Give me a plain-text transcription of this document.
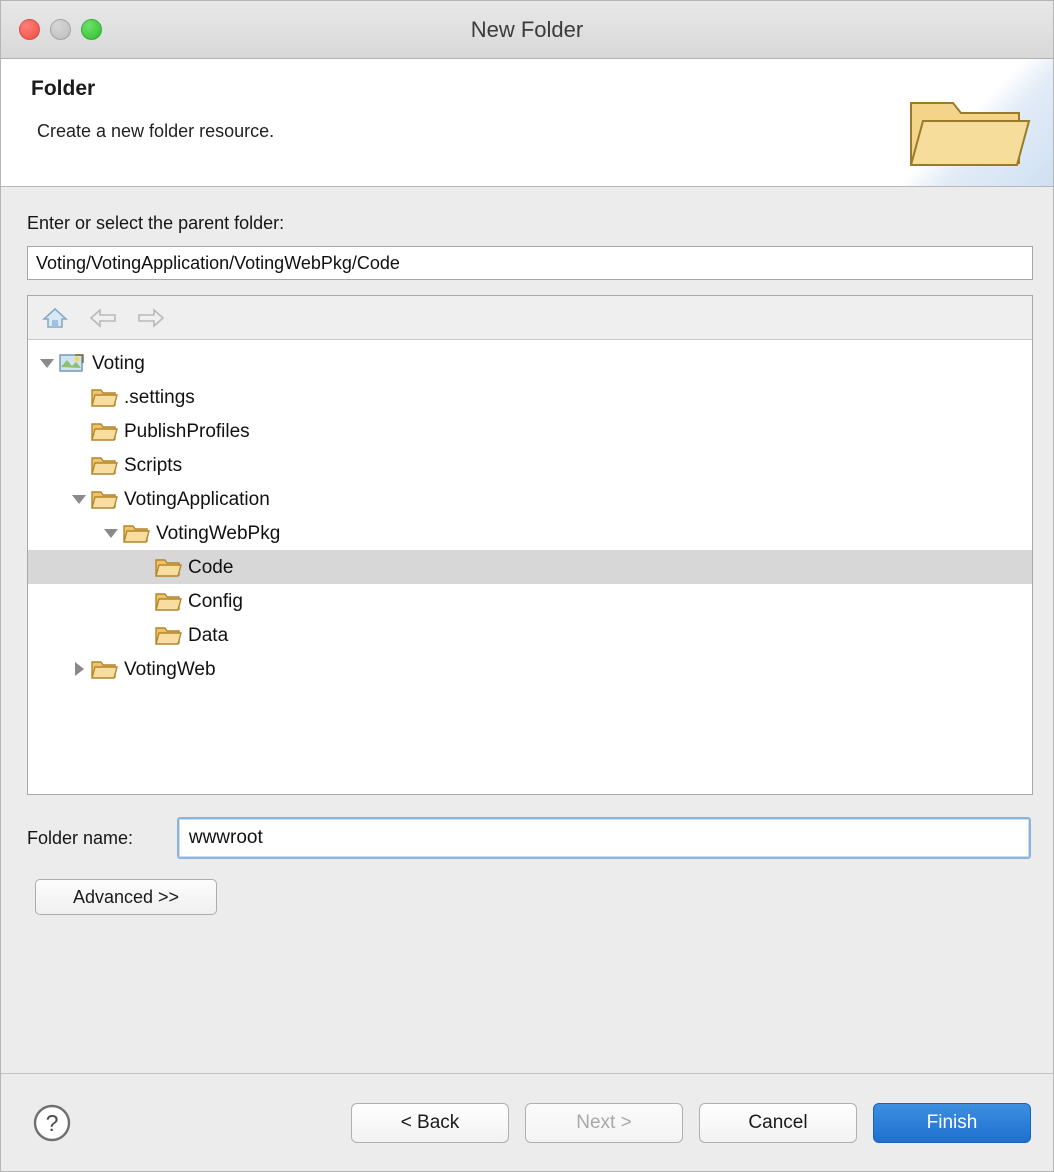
New Folder
Folder
Create a new folder resource.
Enter or select the parent folder:
Voting/VotingApplication/VotingWebPkg/Code
Voting
.settings
PublishProfiles
Scripts
VotingApplication
VotingWebPkg
Code
Config
Data
VotingWeb
Folder name:
wwwroot
Advanced >>
?	< Back	Next >	Cancel	Finish
